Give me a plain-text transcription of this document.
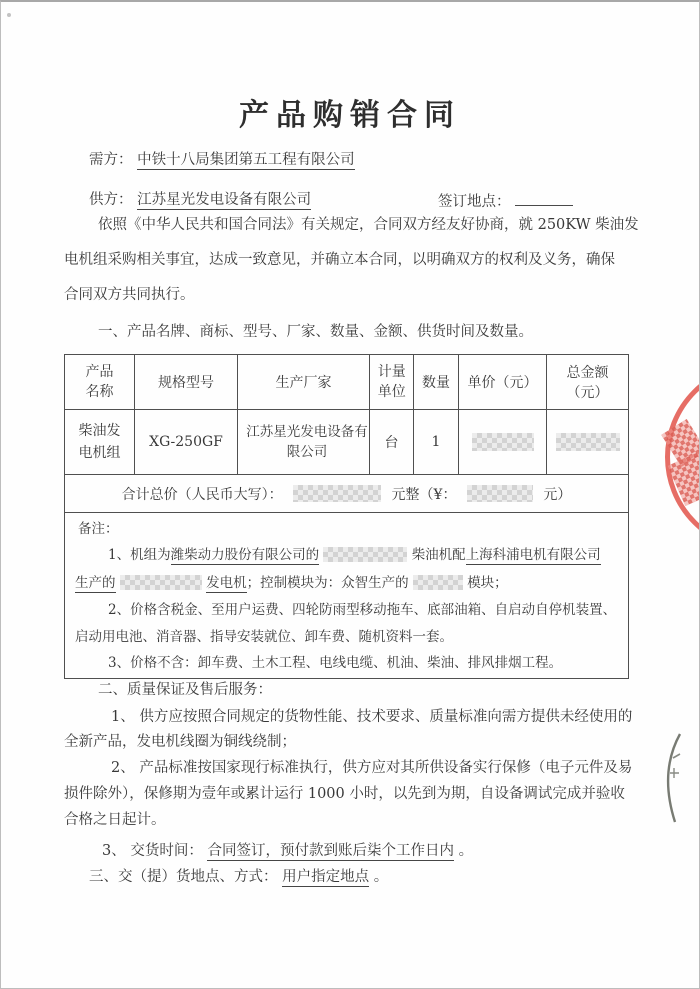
产品购销合同
需方： 中铁十八局集团第五工程有限公司
供方： 江苏星光发电设备有限公司	签订地点：
依照《中华人民共和国合同法》有关规定，合同双方经友好协商，就 250KW 柴油发
电机组采购相关事宜，达成一致意见，并确立本合同，以明确双方的权利及义务，确保
合同双方共同执行。
一、产品名牌、商标、型号、厂家、数量、金额、供货时间及数量。
产品名称	规格型号	生产厂家	计量单位	数量	单价（元）	总金额（元）
柴油发电机组	XG-250GF	江苏星光发电设备有限公司	台	1	

合计总价（人民币大写）： 元整（¥： 元）						

备注：
1、机组为潍柴动力股份有限公司的	柴油机配上海科浦电机有限公司
生产的	发电机；控制模块为：众智生产的	模块；
2、价格含税金、至用户运费、四轮防雨型移动拖车、底部油箱、自启动自停机装置、
启动用电池、消音器、指导安装就位、卸车费、随机资料一套。
3、价格不含：卸车费、土木工程、电线电缆、机油、柴油、排风排烟工程。
二、质量保证及售后服务：
1、 供方应按照合同规定的货物性能、技术要求、质量标准向需方提供未经使用的
全新产品，发电机线圈为铜线绕制；
2、 产品标准按国家现行标准执行，供方应对其所供设备实行保修（电子元件及易
损件除外），保修期为壹年或累计运行 1000 小时，以先到为期，自设备调试完成并验收
合格之日起计。
3、 交货时间： 合同签订，预付款到账后柒个工作日内 。
三、交（提）货地点、方式： 用户指定地点 。
